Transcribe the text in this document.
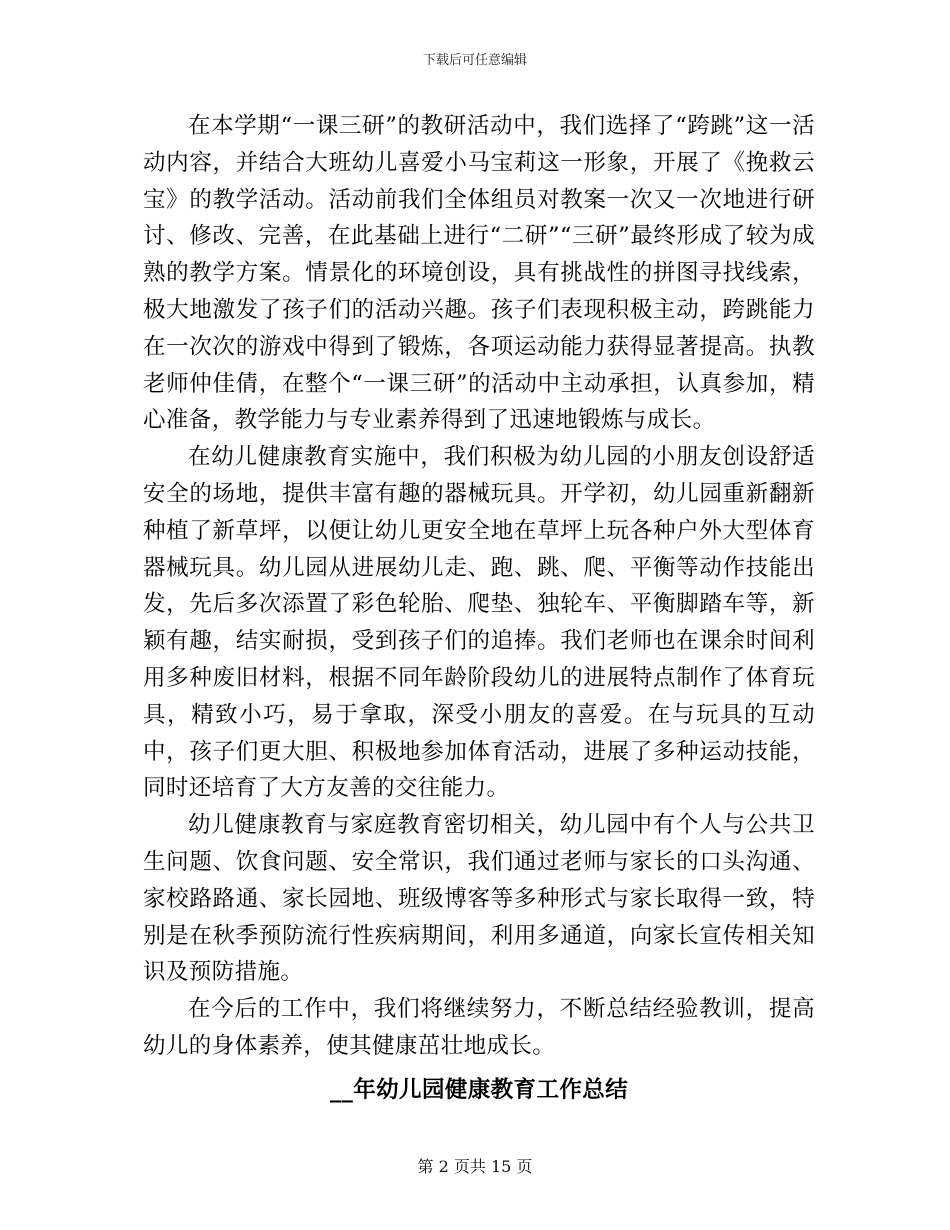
下载后可任意编辑

在本学期“一课三研”的教研活动中，我们选择了“跨跳”这一活动内容，并结合大班幼儿喜爱小马宝莉这一形象，开展了《挽救云宝》的教学活动。活动前我们全体组员对教案一次又一次地进行研讨、修改、完善，在此基础上进行“二研”“三研”最终形成了较为成熟的教学方案。情景化的环境创设，具有挑战性的拼图寻找线索，极大地激发了孩子们的活动兴趣。孩子们表现积极主动，跨跳能力在一次次的游戏中得到了锻炼，各项运动能力获得显著提高。执教老师仲佳倩，在整个“一课三研”的活动中主动承担，认真参加，精心准备，教学能力与专业素养得到了迅速地锻炼与成长。

在幼儿健康教育实施中，我们积极为幼儿园的小朋友创设舒适安全的场地，提供丰富有趣的器械玩具。开学初，幼儿园重新翻新种植了新草坪，以便让幼儿更安全地在草坪上玩各种户外大型体育器械玩具。幼儿园从进展幼儿走、跑、跳、爬、平衡等动作技能出发，先后多次添置了彩色轮胎、爬垫、独轮车、平衡脚踏车等，新颖有趣，结实耐损，受到孩子们的追捧。我们老师也在课余时间利用多种废旧材料，根据不同年龄阶段幼儿的进展特点制作了体育玩具，精致小巧，易于拿取，深受小朋友的喜爱。在与玩具的互动中，孩子们更大胆、积极地参加体育活动，进展了多种运动技能，同时还培育了大方友善的交往能力。

幼儿健康教育与家庭教育密切相关，幼儿园中有个人与公共卫生问题、饮食问题、安全常识，我们通过老师与家长的口头沟通、家校路路通、家长园地、班级博客等多种形式与家长取得一致，特别是在秋季预防流行性疾病期间，利用多通道，向家长宣传相关知识及预防措施。

在今后的工作中，我们将继续努力，不断总结经验教训，提高幼儿的身体素养，使其健康茁壮地成长。

__年幼儿园健康教育工作总结
第 2 页共 15 页
